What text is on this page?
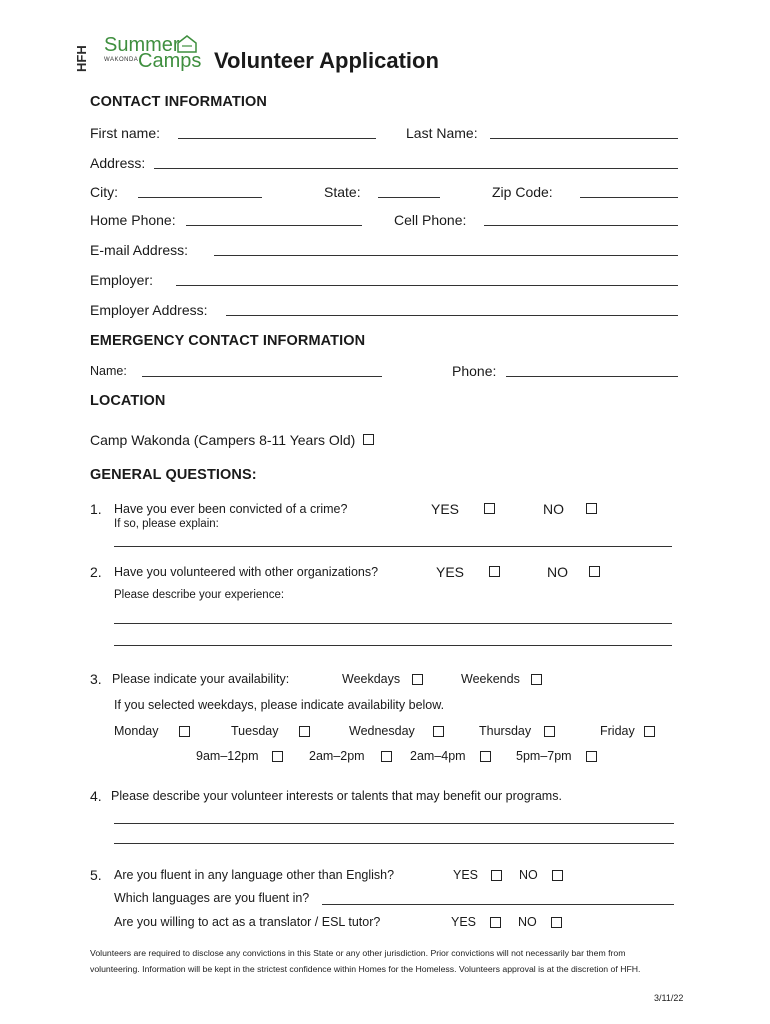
HFH
Summer
WAKONDA Camps Volunteer Application
CONTACT INFORMATION
First name:	Last Name:
Address:
City:	State:	Zip Code:
Home Phone:	Cell Phone:
E-mail Address:
Employer:
Employer Address:
EMERGENCY CONTACT INFORMATION
Name:	Phone:
LOCATION
Camp Wakonda (Campers 8-11 Years Old)
GENERAL QUESTIONS:
1. Have you ever been convicted of a crime?	YES	NO
If so, please explain:
2. Have you volunteered with other organizations?	YES	NO
Please describe your experience:
3. Please indicate your availability:	Weekdays	Weekends
If you selected weekdays, please indicate availability below.
Monday	Tuesday	Wednesday	Thursday	Friday
9am–12pm	2am–2pm	2am–4pm	5pm–7pm
4. Please describe your volunteer interests or talents that may benefit our programs.
5. Are you fluent in any language other than English?	YES	NO
Which languages are you fluent in?
Are you willing to act as a translator / ESL tutor?	YES	NO
Volunteers are required to disclose any convictions in this State or any other jurisdiction. Prior convictions will not necessarily bar them from
volunteering. Information will be kept in the strictest confidence within Homes for the Homeless. Volunteers approval is at the discretion of HFH.
3/11/22
